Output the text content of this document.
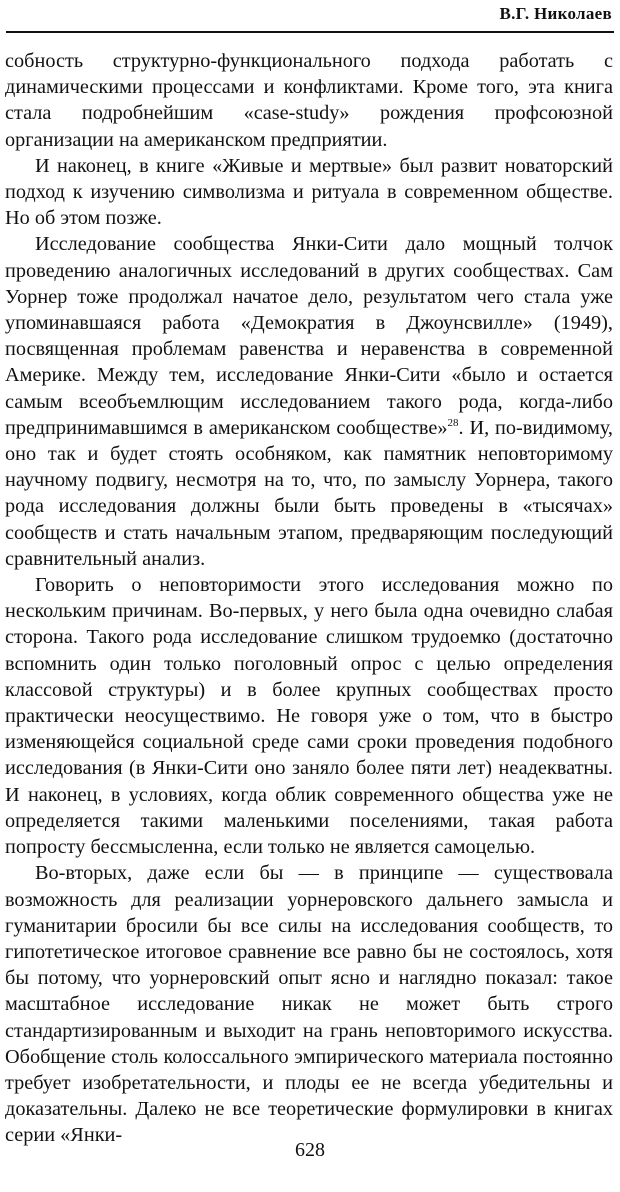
В.Г. Николаев

собность структурно-функционального подхода работать с динамическими процессами и конфликтами. Кроме того, эта книга стала подробнейшим «case-study» рождения профсоюзной организации на американском предприятии.

И наконец, в книге «Живые и мертвые» был развит новаторский подход к изучению символизма и ритуала в современном обществе. Но об этом позже.

Исследование сообщества Янки-Сити дало мощный толчок проведению аналогичных исследований в других сообществах. Сам Уорнер тоже продолжал начатое дело, результатом чего стала уже упоминавшаяся работа «Демократия в Джоунсвилле» (1949), посвященная проблемам равенства и неравенства в современной Америке. Между тем, исследование Янки-Сити «было и остается самым всеобъемлющим исследованием такого рода, когда-либо предпринимавшимся в американском сообществе»$^{28}$. И, по-видимому, оно так и будет стоять особняком, как памятник неповторимому научному подвигу, несмотря на то, что, по замыслу Уорнера, такого рода исследования должны были быть проведены в «тысячах» сообществ и стать начальным этапом, предваряющим последующий сравнительный анализ.

Говорить о неповторимости этого исследования можно по нескольким причинам. Во-первых, у него была одна очевидно слабая сторона. Такого рода исследование слишком трудоемко (достаточно вспомнить один только поголовный опрос с целью определения классовой структуры) и в более крупных сообществах просто практически неосуществимо. Не говоря уже о том, что в быстро изменяющейся социальной среде сами сроки проведения подобного исследования (в Янки-Сити оно заняло более пяти лет) неадекватны. И наконец, в условиях, когда облик современного общества уже не определяется такими маленькими поселениями, такая работа попросту бессмысленна, если только не является самоцелью.

Во-вторых, даже если бы — в принципе — существовала возможность для реализации уорнеровского дальнего замысла и гуманитарии бросили бы все силы на исследования сообществ, то гипотетическое итоговое сравнение все равно бы не состоялось, хотя бы потому, что уорнеровский опыт ясно и наглядно показал: такое масштабное исследование никак не может быть строго стандартизированным и выходит на грань неповторимого искусства. Обобщение столь колоссального эмпирического материала постоянно требует изобретательности, и плоды ее не всегда убедительны и доказательны. Далеко не все теоретические формулировки в книгах серии «Янки-

628
